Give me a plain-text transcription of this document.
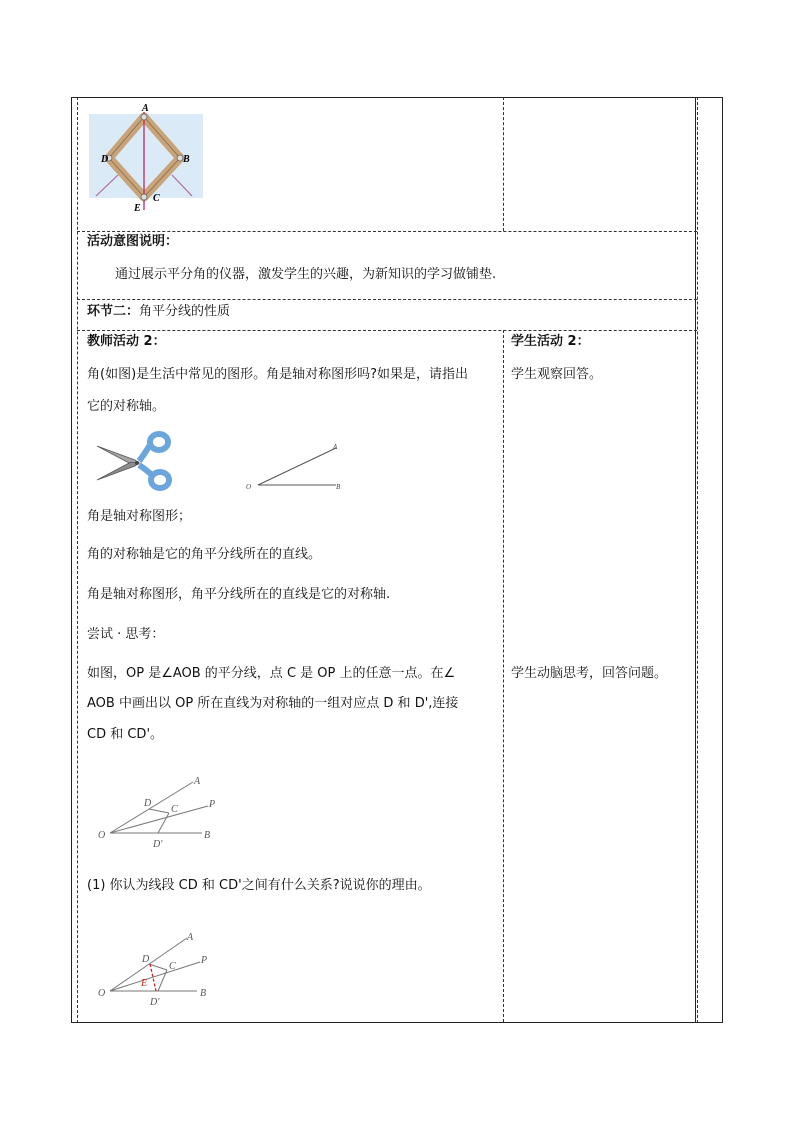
A
B
C
D
E
活动意图说明：
通过展示平分角的仪器，激发学生的兴趣，为新知识的学习做铺垫.
环节二：角平分线的性质
教师活动 2：
角(如图)是生活中常见的图形。角是轴对称图形吗?如果是，请指出
它的对称轴。
O
A
B
角是轴对称图形；
角的对称轴是它的角平分线所在的直线。
角是轴对称图形，角平分线所在的直线是它的对称轴.
尝试 · 思考：
如图，OP 是∠AOB 的平分线，点 C 是 OP 上的任意一点。在∠
AOB 中画出以 OP 所在直线为对称轴的一组对应点 D 和 D',连接
CD 和 CD'。
O
A
B
P
C
D
D'
(1) 你认为线段 CD 和 CD'之间有什么关系?说说你的理由。
O
A
B
P
C
D
D'
E
学生活动 2：
学生观察回答。
学生动脑思考，回答问题。
